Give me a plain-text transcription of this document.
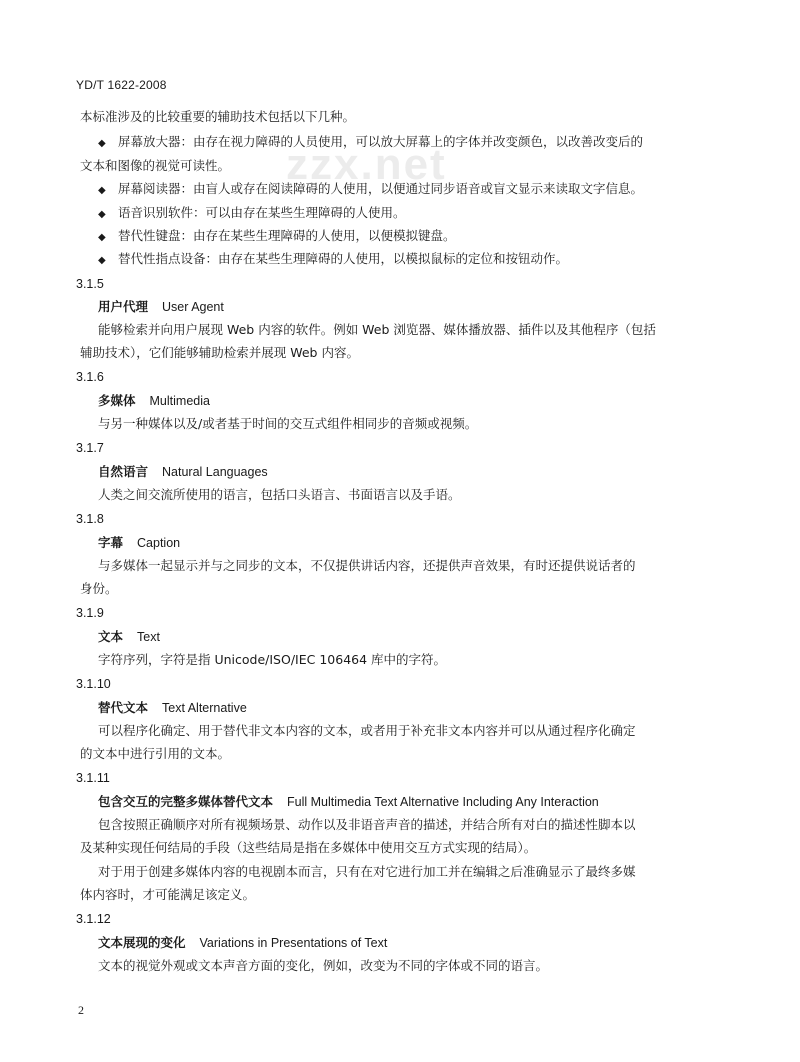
zzx.net
YD/T 1622-2008
本标准涉及的比较重要的辅助技术包括以下几种。
◆ 屏幕放大器：由存在视力障碍的人员使用，可以放大屏幕上的字体并改变颜色，以改善改变后的
文本和图像的视觉可读性。
◆ 屏幕阅读器：由盲人或存在阅读障碍的人使用，以便通过同步语音或盲文显示来读取文字信息。
◆ 语音识别软件：可以由存在某些生理障碍的人使用。
◆ 替代性键盘：由存在某些生理障碍的人使用，以便模拟键盘。
◆ 替代性指点设备：由存在某些生理障碍的人使用，以模拟鼠标的定位和按钮动作。
3.1.5
用户代理 User Agent
能够检索并向用户展现 Web 内容的软件。例如 Web 浏览器、媒体播放器、插件以及其他程序（包括
辅助技术），它们能够辅助检索并展现 Web 内容。
3.1.6
多媒体 Multimedia
与另一种媒体以及/或者基于时间的交互式组件相同步的音频或视频。
3.1.7
自然语言 Natural Languages
人类之间交流所使用的语言，包括口头语言、书面语言以及手语。
3.1.8
字幕 Caption
与多媒体一起显示并与之同步的文本，不仅提供讲话内容，还提供声音效果，有时还提供说话者的
身份。
3.1.9
文本 Text
字符序列，字符是指 Unicode/ISO/IEC 106464 库中的字符。
3.1.10
替代文本 Text Alternative
可以程序化确定、用于替代非文本内容的文本，或者用于补充非文本内容并可以从通过程序化确定
的文本中进行引用的文本。
3.1.11
包含交互的完整多媒体替代文本 Full Multimedia Text Alternative Including Any Interaction
包含按照正确顺序对所有视频场景、动作以及非语音声音的描述，并结合所有对白的描述性脚本以
及某种实现任何结局的手段（这些结局是指在多媒体中使用交互方式实现的结局）。
对于用于创建多媒体内容的电视剧本而言，只有在对它进行加工并在编辑之后准确显示了最终多媒
体内容时，才可能满足该定义。
3.1.12
文本展现的变化 Variations in Presentations of Text
文本的视觉外观或文本声音方面的变化，例如，改变为不同的字体或不同的语言。
2
